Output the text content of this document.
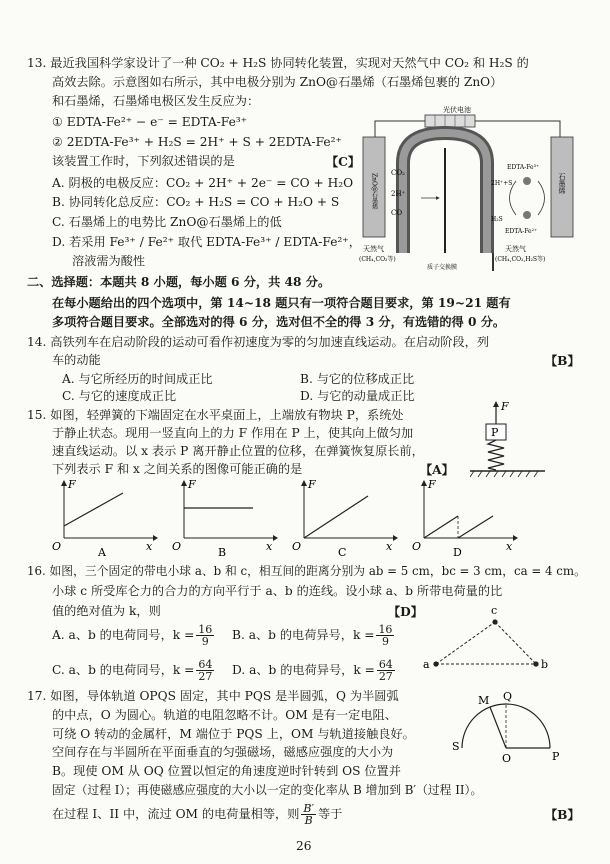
13. 最近我国科学家设计了一种 CO₂ + H₂S 协同转化装置，实现对天然气中 CO₂ 和 H₂S 的
高效去除。示意图如右所示，其中电极分别为 ZnO@石墨烯（石墨烯包裹的 ZnO）
和石墨烯，石墨烯电极区发生反应为：
① EDTA-Fe²⁺ − e⁻ = EDTA-Fe³⁺
② 2EDTA-Fe³⁺ + H₂S = 2H⁺ + S + 2EDTA-Fe²⁺
该装置工作时，下列叙述错误的是	【C】
A. 阴极的电极反应：CO₂ + 2H⁺ + 2e⁻ = CO + H₂O
B. 协同转化总反应：CO₂ + H₂S = CO + H₂O + S
C. 石墨烯上的电势比 ZnO@石墨烯上的低
D. 若采用 Fe³⁺ / Fe²⁺ 取代 EDTA-Fe³⁺ / EDTA-Fe²⁺，
溶液需为酸性
光伏电池
ZnO@石墨烯	石墨烯
质子交换膜
CO₂
CO
2H⁺
EDTA-Fe³⁺
2H⁺+S
H₂S
EDTA-Fe²⁺
天然气
(CH₄,CO₂等)
天然气
(CH₄,CO₂,H₂S等)
二、选择题：本题共 8 小题，每小题 6 分，共 48 分。
在每小题给出的四个选项中，第 14~18 题只有一项符合题目要求，第 19~21 题有
多项符合题目要求。全部选对的得 6 分，选对但不全的得 3 分，有选错的得 0 分。
14. 高铁列车在启动阶段的运动可看作初速度为零的匀加速直线运动。在启动阶段，列
车的动能	【B】
A. 与它所经历的时间成正比	B. 与它的位移成正比
C. 与它的速度成正比	D. 与它的动量成正比
15. 如图，轻弹簧的下端固定在水平桌面上，上端放有物块 P，系统处
于静止状态。现用一竖直向上的力 F 作用在 P 上，使其向上做匀加
速直线运动。以 x 表示 P 离开静止位置的位移，在弹簧恢复原长前，
下列表示 F 和 x 之间关系的图像可能正确的是	【A】
F
P
F
x
O	A
F
x
O	B
F
x
O	C
F
x
O	D
16. 如图，三个固定的带电小球 a、b 和 c，相互间的距离分别为 ab = 5 cm，bc = 3 cm，ca = 4 cm。
小球 c 所受库仑力的合力的方向平行于 a、b 的连线。设小球 a、b 所带电荷量的比
值的绝对值为 k，则	【D】
A. a、b 的电荷同号，$k = \frac{16}{9} B$. a、b 的电荷异号，$k = \frac{16}{9}$
C. a、b 的电荷同号，$k = \frac{64}{27} D$. a、b 的电荷异号，$k = \frac{64}{27}$	a	b
c
17. 如图，导体轨道 OPQS 固定，其中 PQS 是半圆弧，Q 为半圆弧
的中点，O 为圆心。轨道的电阻忽略不计。OM 是有一定电阻、
可绕 O 转动的金属杆，M 端位于 PQS 上，OM 与轨道接触良好。
空间存在与半圆所在平面垂直的匀强磁场，磁感应强度的大小为
B。现使 OM 从 OQ 位置以恒定的角速度逆时针转到 OS 位置并
固定（过程 I）；再使磁感应强度的大小以一定的变化率从 B 增加到 B′（过程 II）。
在过程 I、II 中，流过 OM 的电荷量相等，则 $\frac{B'}{B}$ 等于	【B】
M Q
S
O	P
26
